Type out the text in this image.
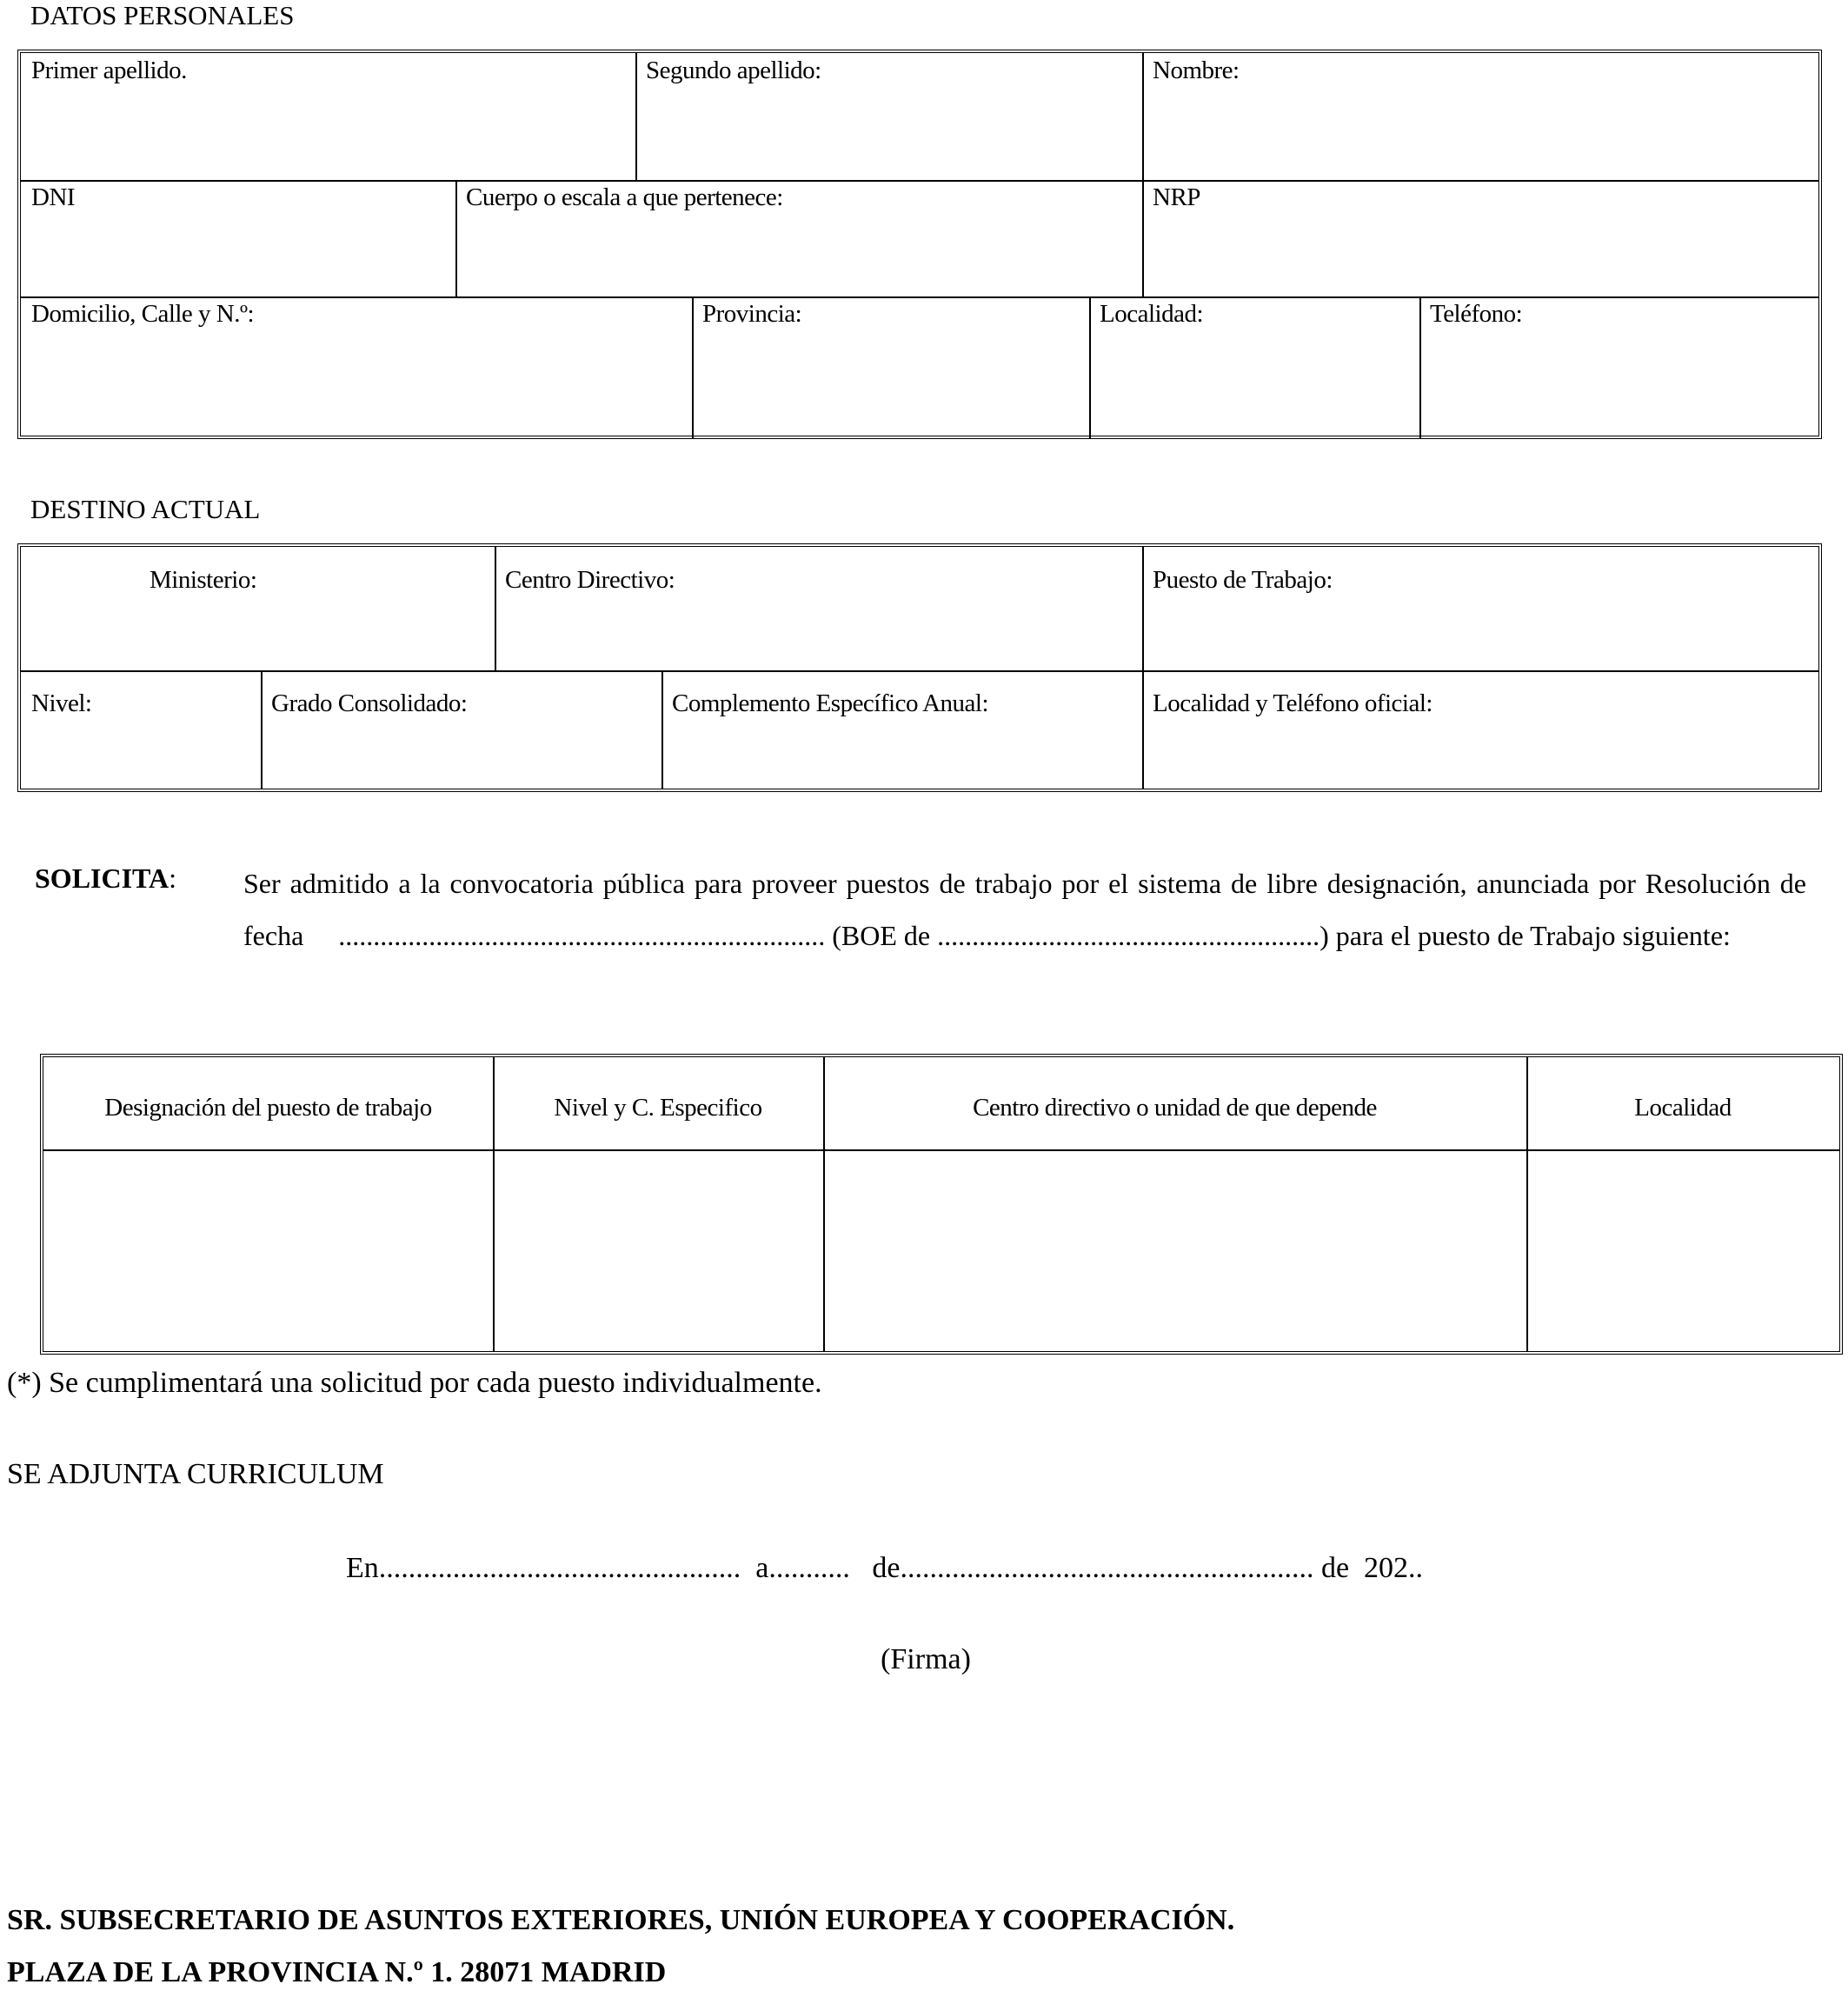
DATOS PERSONALES
Primer apellido.	Segundo apellido:	Nombre:
DNI	Cuerpo o escala a que pertenece:	NRP
Domicilio, Calle y N.º:	Provincia:	Localidad:	Teléfono:
DESTINO ACTUAL
Ministerio:	Centro Directivo:	Puesto de Trabajo:
Nivel:	Grado Consolidado:	Complemento Específico Anual:	Localidad y Teléfono oficial:
SOLICITA: Ser admitido a la convocatoria pública para proveer puestos de trabajo por el sistema de libre designación, anunciada por Resolución de fecha ...................................................................... (BOE de .......................................................) para el puesto de Trabajo siguiente:
Designación del puesto de trabajo	Nivel y C. Especifico	Centro directivo o unidad de que depende	Localidad
(*) Se cumplimentará una solicitud por cada puesto individualmente.
SE ADJUNTA CURRICULUM
En.................................................  a...........   de........................................................ de  202..
(Firma)
SR. SUBSECRETARIO DE ASUNTOS EXTERIORES, UNIÓN EUROPEA Y COOPERACIÓN.
PLAZA DE LA PROVINCIA N.º 1. 28071 MADRID
